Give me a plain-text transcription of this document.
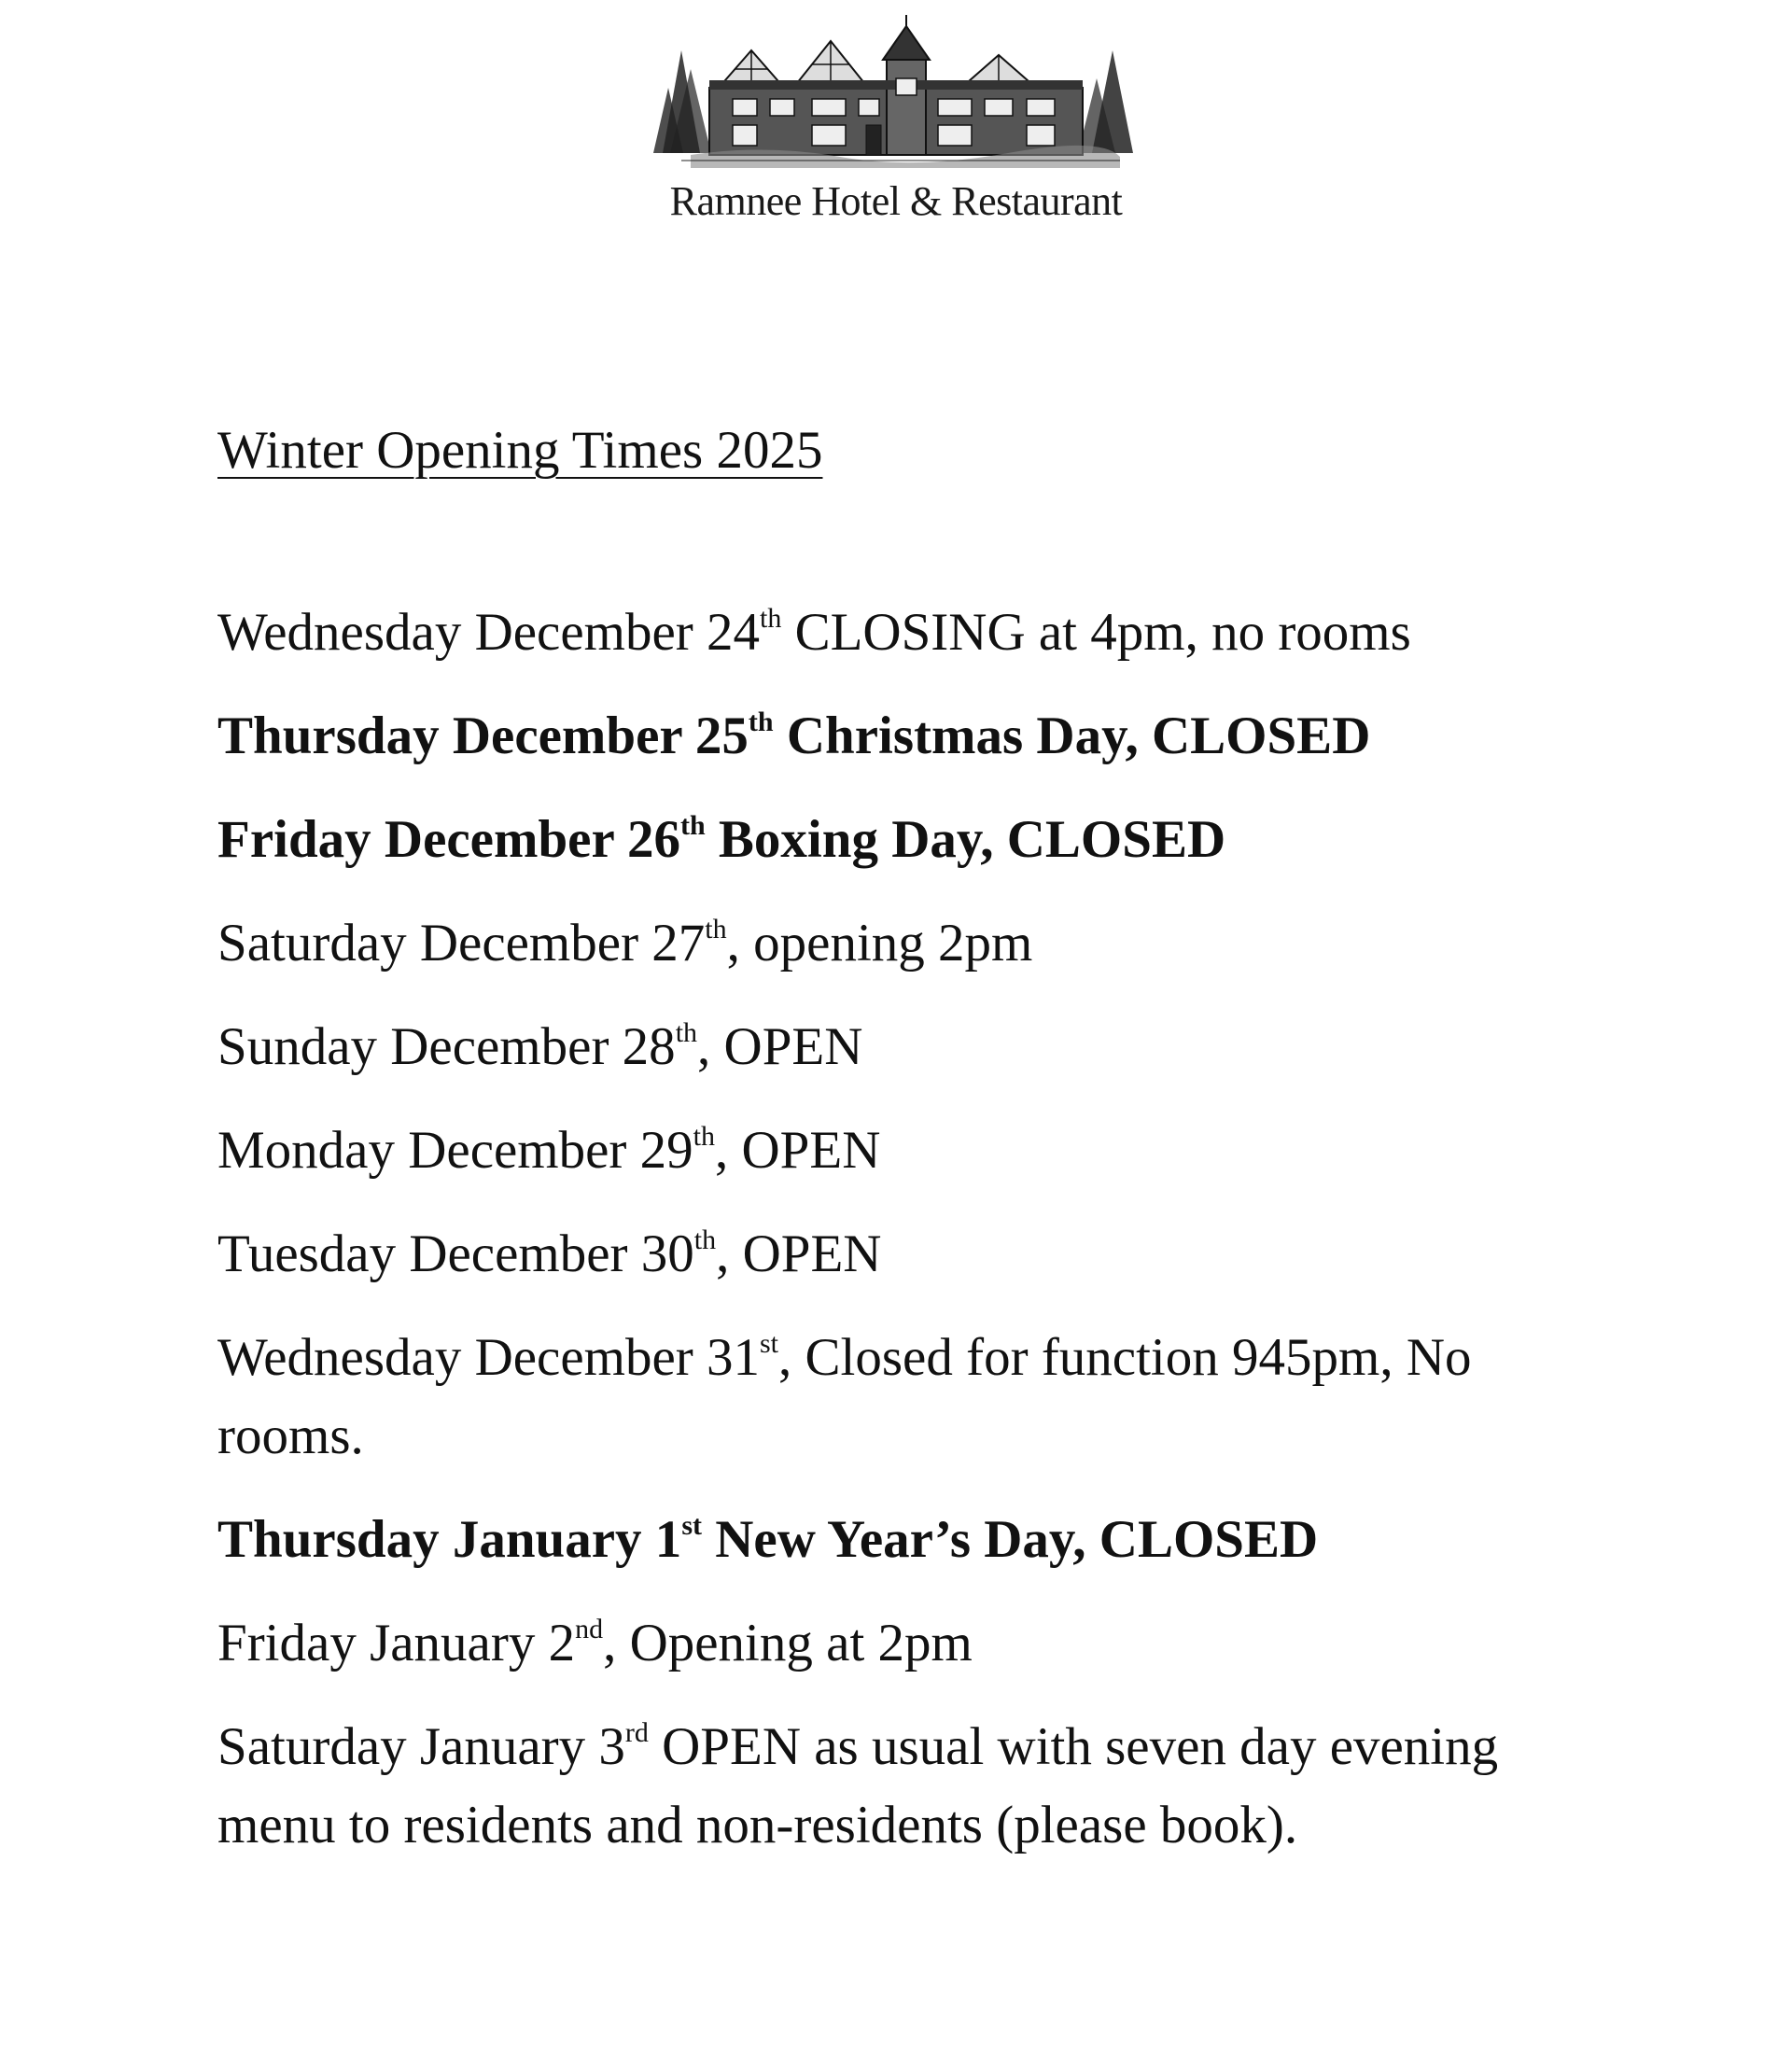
Ramnee Hotel & Restaurant
Winter Opening Times 2025

Wednesday December 24th CLOSING at 4pm, no rooms

Thursday December 25th Christmas Day, CLOSED

Friday December 26th Boxing Day, CLOSED

Saturday December 27th, opening 2pm

Sunday December 28th, OPEN

Monday December 29th, OPEN

Tuesday December 30th, OPEN

Wednesday December 31st, Closed for function 945pm, No rooms.

Thursday January 1st New Year’s Day, CLOSED

Friday January 2nd, Opening at 2pm

Saturday January 3rd OPEN as usual with seven day evening menu to residents and non-residents (please book).
